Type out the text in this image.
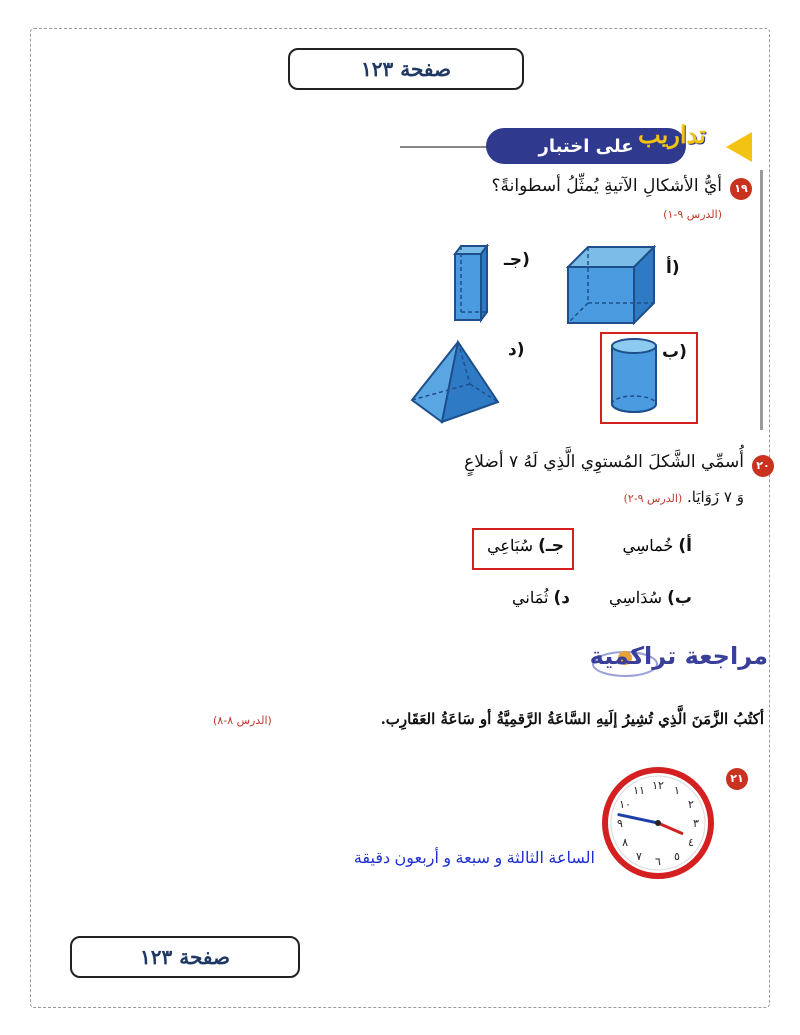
صفحة ١٢٣
على اختبار تداريب
١٩
أيُّ الأشكالِ الآتيةِ يُمثِّلُ أسطوانةً؟
(الدرس ٩-١)
أ)
جـ)
ب)
د)
٢٠
أُسمِّي الشَّكلَ المُستوِي الَّذِي لَهُ ٧ أضلاعٍ
وَ ٧ زَوَايَا. (الدرس ٩-٢)
أ) خُماسِي
جـ) سُبَاعِي
ب) سُدَاسِي
د) ثُمَاني
مراجعة تراكمية
أكتُبُ الزَّمَنَ الَّذِي تُشِيرُ إلَيهِ السَّاعَةُ الرَّقمِيَّةُ أو سَاعَةُ العَقَارِب.
(الدرس ٨-٨)
٢١
١٢ ١
٢
٣
٤
٥
٦
٧
٨
٩
١٠
١١
الساعة الثالثة و سبعة و أربعون دقيقة
صفحة ١٢٣
